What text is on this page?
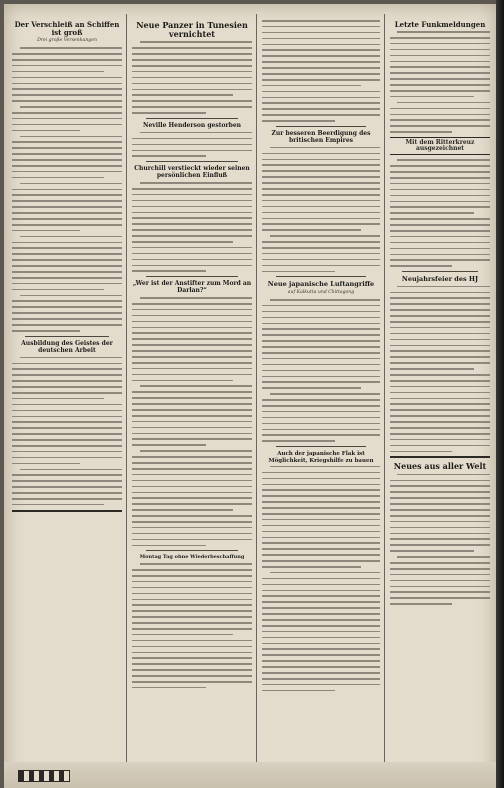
Der Verschleiß an Schiffen ist groß
Drei große Versenkungen
Ausbildung des Geistes der deutschen Arbeit
Neue Panzer in Tunesien vernichtet
Neville Henderson gestorben
Churchill verstieckt wieder seinen persönlichen Einfluß
„Wer ist der Anstifter zum Mord an Darlan?“
Montag Tag ohne Wiederbeschaffung
Zur besseren Beerdigung des britischen Empires
Neue japanische Luftangriffe
auf Kalkutta und Chittagong
Auch der japanische Flak ist Möglichkeit, Kriegshilfe zu bauen
Letzte Funkmeldungen
Mit dem Ritterkreuz ausgezeichnet
Neujahrsfeier des HJ
Neues aus aller Welt
